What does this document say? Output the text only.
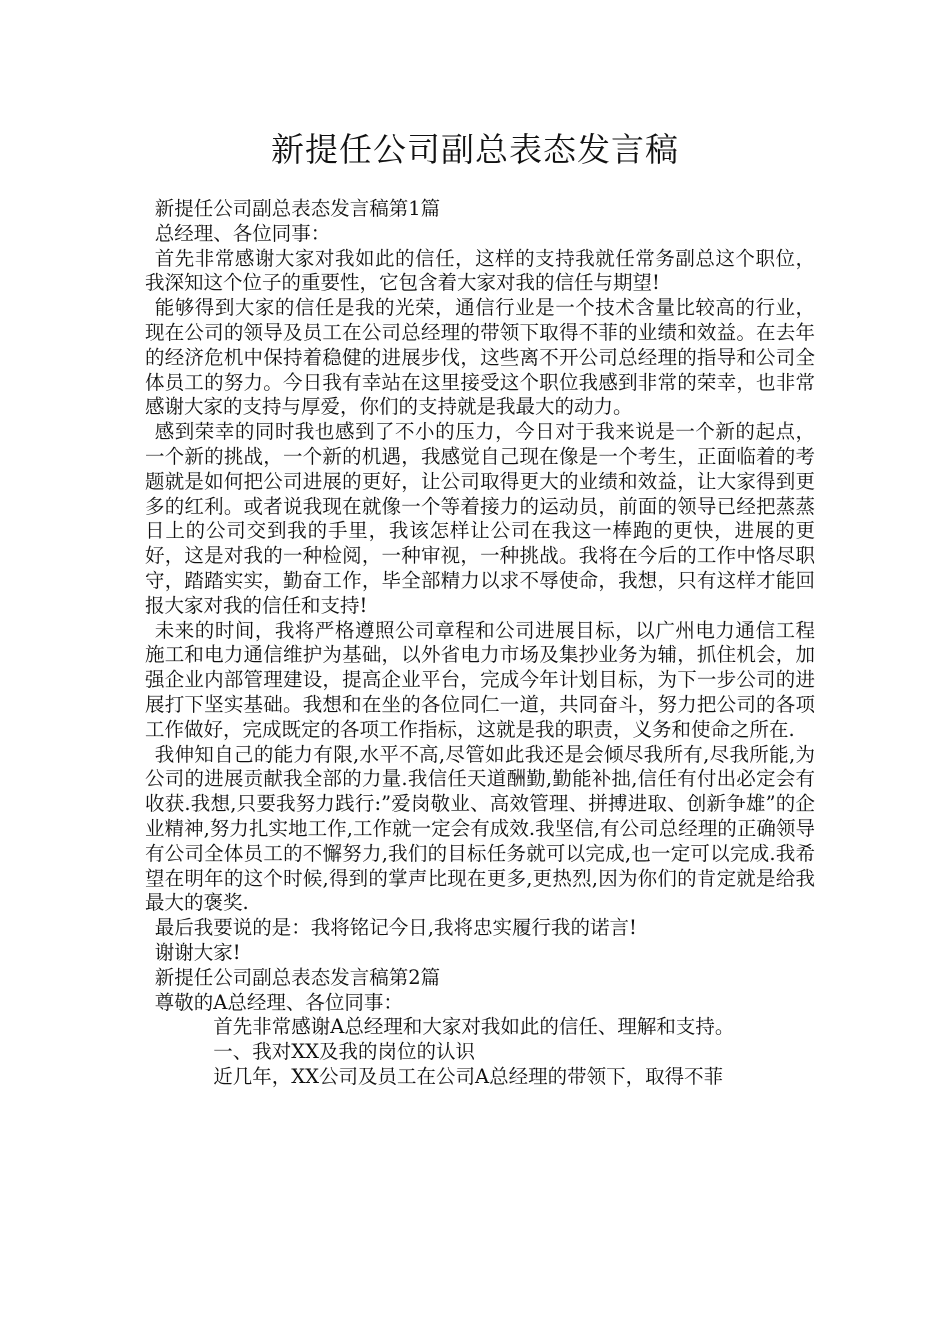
新提任公司副总表态发言稿

新提任公司副总表态发言稿第1篇

总经理、各位同事：

首先非常感谢大家对我如此的信任，这样的支持我就任常务副总这个职位，我深知这个位子的重要性，它包含着大家对我的信任与期望!

能够得到大家的信任是我的光荣，通信行业是一个技术含量比较高的行业，现在公司的领导及员工在公司总经理的带领下取得不菲的业绩和效益。在去年的经济危机中保持着稳健的进展步伐，这些离不开公司总经理的指导和公司全体员工的努力。今日我有幸站在这里接受这个职位我感到非常的荣幸，也非常感谢大家的支持与厚爱，你们的支持就是我最大的动力。

感到荣幸的同时我也感到了不小的压力，今日对于我来说是一个新的起点，一个新的挑战，一个新的机遇，我感觉自己现在像是一个考生，正面临着的考题就是如何把公司进展的更好，让公司取得更大的业绩和效益，让大家得到更多的红利。或者说我现在就像一个等着接力的运动员，前面的领导已经把蒸蒸日上的公司交到我的手里，我该怎样让公司在我这一棒跑的更快，进展的更好，这是对我的一种检阅，一种审视，一种挑战。我将在今后的工作中恪尽职守，踏踏实实，勤奋工作，毕全部精力以求不辱使命，我想，只有这样才能回报大家对我的信任和支持!

未来的时间，我将严格遵照公司章程和公司进展目标，以广州电力通信工程施工和电力通信维护为基础，以外省电力市场及集抄业务为辅，抓住机会，加强企业内部管理建设，提高企业平台，完成今年计划目标，为下一步公司的进展打下坚实基础。我想和在坐的各位同仁一道，共同奋斗，努力把公司的各项工作做好，完成既定的各项工作指标，这就是我的职责，义务和使命之所在.

我伸知自己的能力有限,水平不高,尽管如此我还是会倾尽我所有,尽我所能,为公司的进展贡献我全部的力量.我信任天道酬勤,勤能补拙,信任有付出必定会有收获.我想,只要我努力践行:”爱岗敬业、高效管理、拼搏进取、创新争雄”的企业精神,努力扎实地工作,工作就一定会有成效.我坚信,有公司总经理的正确领导有公司全体员工的不懈努力,我们的目标任务就可以完成,也一定可以完成.我希望在明年的这个时候,得到的掌声比现在更多,更热烈,因为你们的肯定就是给我最大的褒奖.

最后我要说的是：我将铭记今日,我将忠实履行我的诺言!

谢谢大家!

新提任公司副总表态发言稿第2篇

尊敬的A总经理、各位同事：

首先非常感谢A总经理和大家对我如此的信任、理解和支持。

一、我对XX及我的岗位的认识

近几年，XX公司及员工在公司A总经理的带领下，取得不菲
